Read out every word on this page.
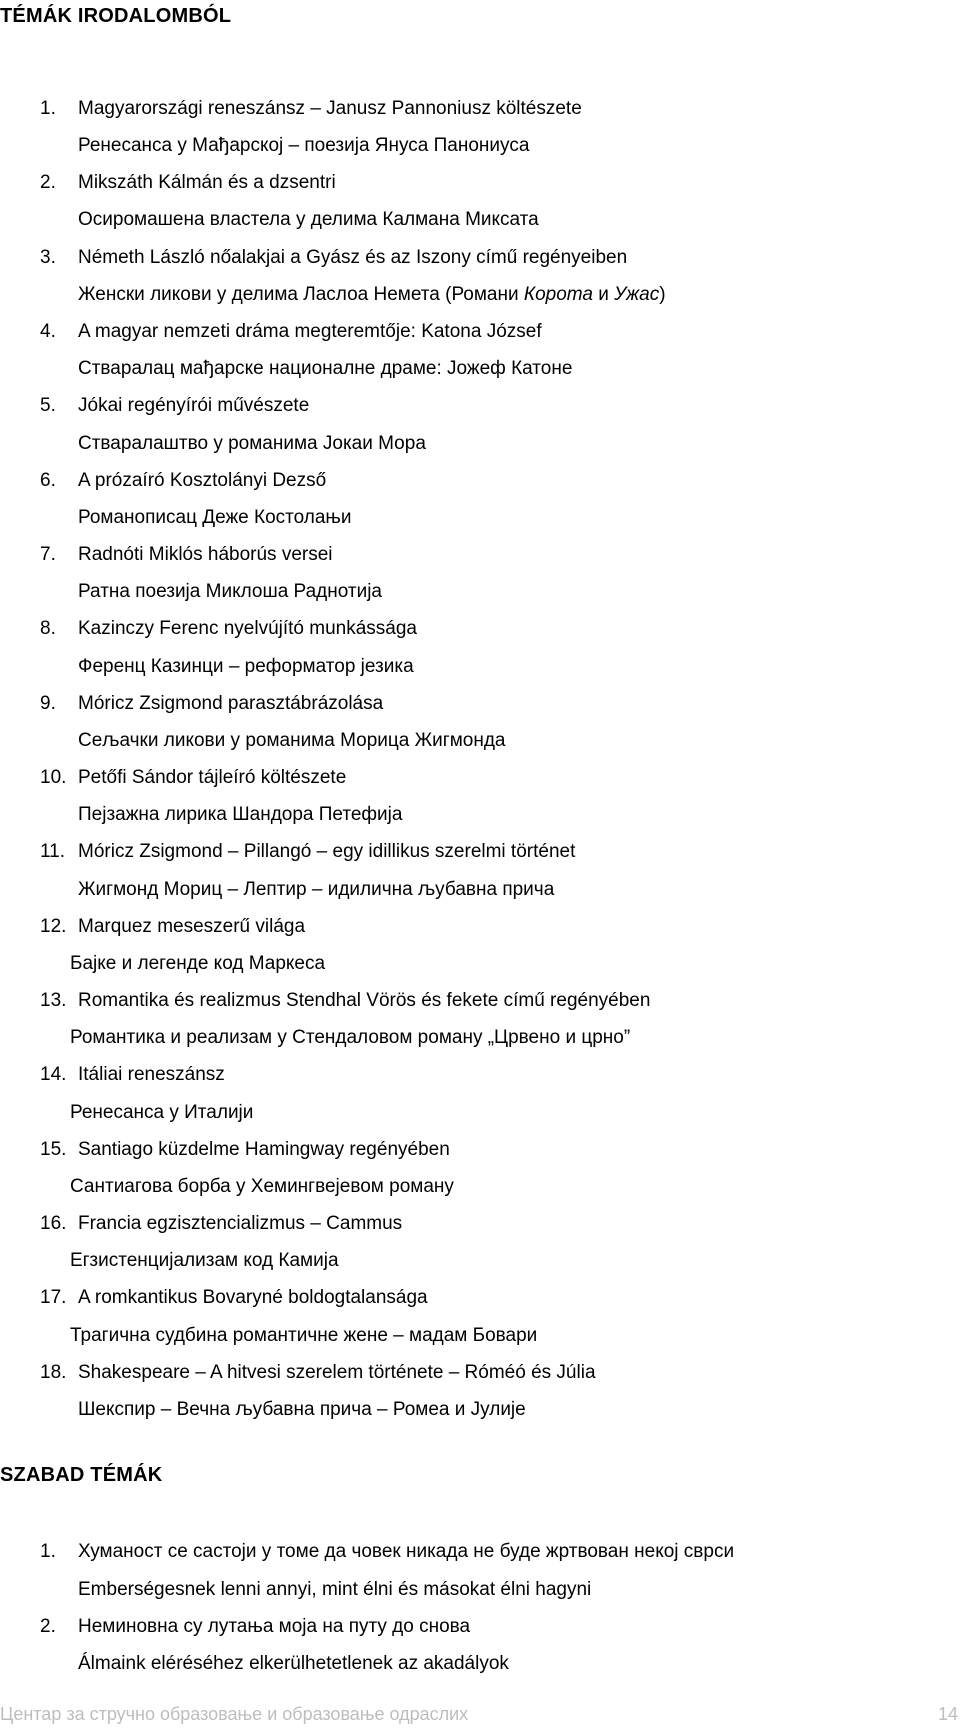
TÉMÁK IRODALOMBÓL
1. Magyarországi reneszánsz – Janusz Pannoniusz költészete
Ренесанса у Мађарској – поезија Януса Панониуса
2. Mikszáth Kálmán és a dzsentri
Осиромашена властела у делима Калмана Миксата
3. Németh László nőalakjai a Gyász és az Iszony című regényeiben
Женски ликови у делима Ласлоа Немета (Романи Корота и Ужас)
4. A magyar nemzeti dráma megteremtője: Katona József
Стваралац мађарске националне драме: Јожеф Катоне
5. Jókai regényírói művészete
Стваралаштво у романима Јокаи Мора
6. A prózaíró Kosztolányi Dezső
Романописац Деже Костолањи
7. Radnóti Miklós háborús versei
Ратна поезија Миклоша Раднотија
8. Kazinczy Ferenc nyelvújító munkássága
Ференц Казинци – реформатор језика
9. Móricz Zsigmond parasztábrázolása
Сељачки ликови у романима Морица Жигмонда
10. Petőfi Sándor tájleíró költészete
Пејзажна лирика Шандора Петефија
11. Móricz Zsigmond – Pillangó – egy idillikus szerelmi történet
Жигмонд Мориц – Лептир – идилична љубавна прича
12. Marquez meseszerű világa
Бајке и легенде код Маркеса
13. Romantika és realizmus Stendhal Vörös és fekete című regényében
Романтика и реализам у Стендаловом роману „Црвено и црно”
14. Itáliai reneszánsz
Ренесанса у Италији
15. Santiago küzdelme Hamingway regényében
Сантиагова борба у Хемингвејевом роману
16. Francia egzisztencializmus – Cammus
Егзистенцијализам код Камија
17. A romkantikus Bovaryné boldogtalansága
Трагична судбина романтичне жене – мадам Бовари
18. Shakespeare – A hitvesi szerelem története – Róméó és Júlia
Шекспир – Вечна љубавна прича – Ромеа и Јулије
SZABAD TÉMÁK
1. Хуманост се састоји у томе да човек никада не буде жртвован некој сврси
Emberségesnek lenni annyi, mint élni és másokat élni hagyni
2. Неминовна су лутања моја на путу до снова
Álmaink eléréséhez elkerülhetetlenek az akadályok
Центар за стручно образовање и образовање одраслих	14
